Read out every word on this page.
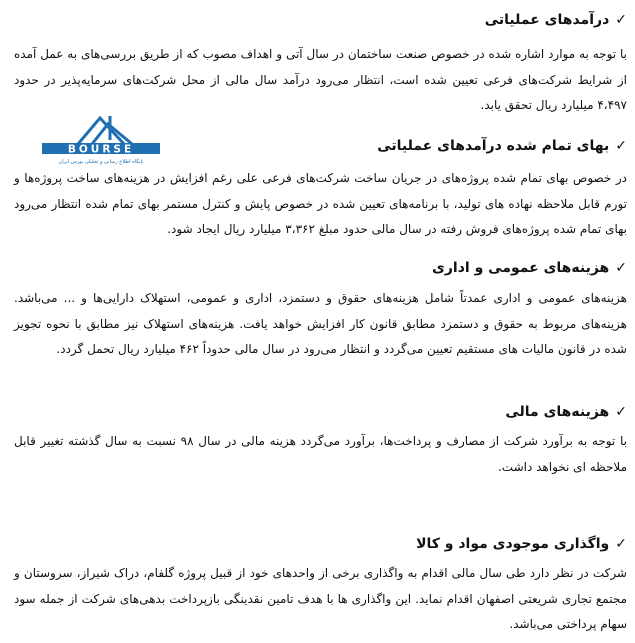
✓درآمدهای عملیاتی
با توجه به موارد اشاره شده در خصوص صنعت ساختمان در سال آتی و اهداف مصوب که از طریق بررسی‌های به عمل آمده از شرایط شرکت‌های فرعی تعیین شده است، انتظار می‌رود درآمد سال مالی از محل شرکت‌های سرمایه‌پذیر در حدود ۴،۴۹۷ میلیارد ریال تحقق یابد.
BOURSE
پایگاه اطلاع رسانی و تحلیلی بورس ایران
✓بهای تمام شده درآمدهای عملیاتی
در خصوص بهای تمام شده پروژه‌های در جریان ساخت شرکت‌های فرعی علی رغم افزایش در هزینه‌های ساخت پروژه‌ها و تورم قابل ملاحظه نهاده های تولید، با برنامه‌های تعیین شده در خصوص پایش و کنترل مستمر بهای تمام شده انتظار می‌رود بهای تمام شده پروژه‌های فروش رفته در سال مالی حدود مبلغ ۳،۳۶۲ میلیارد ریال ایجاد شود.
✓هزینه‌های عمومی و اداری
هزینه‌های عمومی و اداری عمدتاً شامل هزینه‌های حقوق و دستمزد، اداری و عمومی، استهلاک دارایی‌ها و ... می‌باشد. هزینه‌های مربوط به حقوق و دستمزد مطابق قانون کار افزایش خواهد یافت. هزینه‌های استهلاک نیز مطابق با نحوه تجویز شده در قانون مالیات های مستقیم تعیین می‌گردد و انتظار می‌رود در سال مالی حدوداً ۴۶۲ میلیارد ریال تحمل گردد.
✓هزینه‌های مالی
با توجه به برآورد شرکت از مصارف و پرداخت‌ها، برآورد می‌گردد هزینه مالی در سال ۹۸ نسبت به سال گذشته تغییر قابل ملاحظه ای نخواهد داشت.
✓واگذاری موجودی مواد و کالا
شرکت در نظر دارد طی سال مالی اقدام به واگذاری برخی از واحدهای خود از قبیل پروژه گلفام، دراک شیراز، سروستان و مجتمع تجاری شریعتی اصفهان اقدام نماید. این واگذاری ها با هدف تامین نقدینگی بازپرداخت بدهی‌های شرکت از جمله سود سهام پرداختی می‌باشد.
